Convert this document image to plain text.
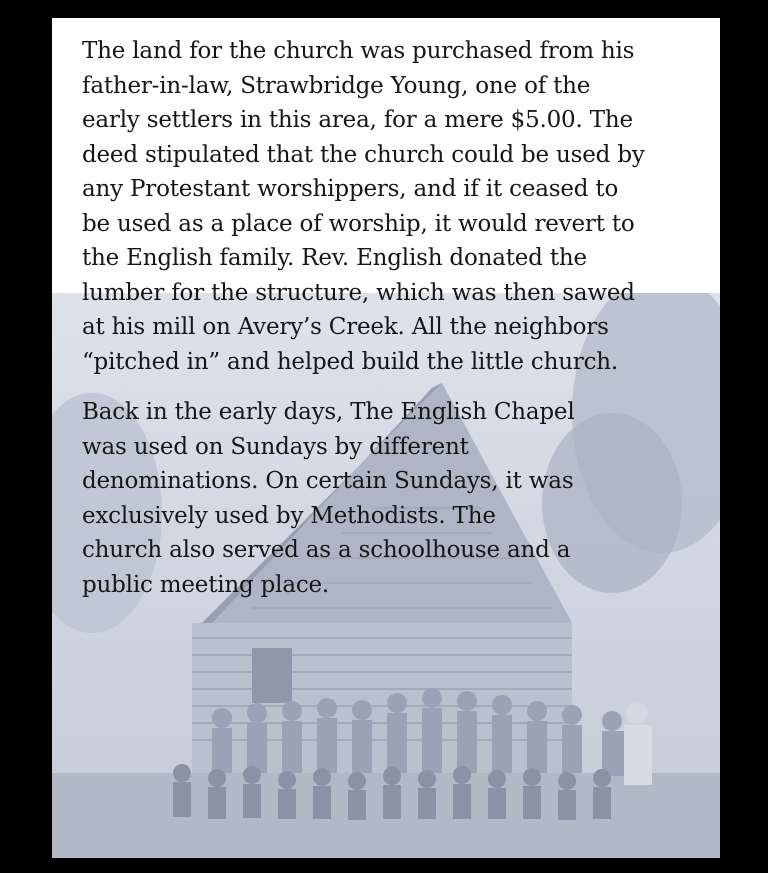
The land for the church was purchased from his
father-in-law, Strawbridge Young, one of the
early settlers in this area, for a mere $5.00. The
deed stipulated that the church could be used by
any Protestant worshippers, and if it ceased to
be used as a place of worship, it would revert to
the English family. Rev. English donated the
lumber for the structure, which was then sawed
at his mill on Avery’s Creek. All the neighbors
“pitched in” and helped build the little church.
Back in the early days, The English Chapel
was used on Sundays by different
denominations. On certain Sundays, it was
exclusively used by Methodists. The
church also served as a schoolhouse and a
public meeting place.
